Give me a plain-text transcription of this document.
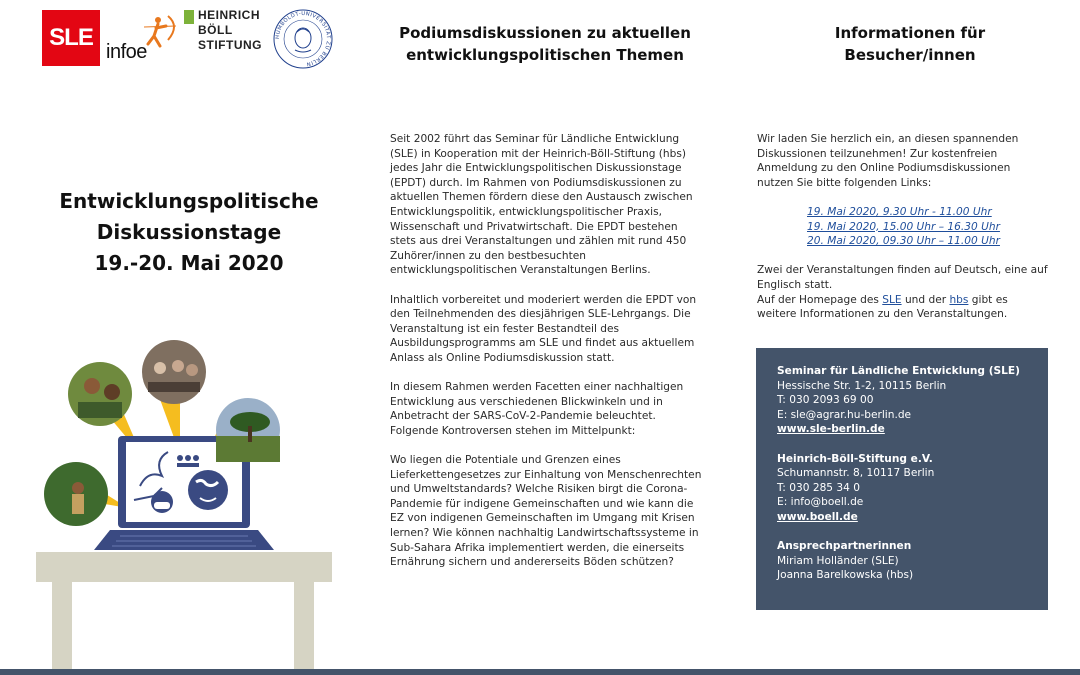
SLE
infoe
HEINRICH
BÖLL
STIFTUNG
HUMBOLDT-UNIVERSITÄT ZU BERLIN
Podiumsdiskussionen zu aktuellen
entwicklungspolitischen Themen
Informationen für
Besucher/innen
Entwicklungspolitische
Diskussionstage
19.-20. Mai 2020

Seit 2002 führt das Seminar für Ländliche Entwicklung (SLE) in Kooperation mit der Heinrich-Böll-Stiftung (hbs) jedes Jahr die Entwicklungspolitischen Diskussionstage (EPDT) durch. Im Rahmen von Podiumsdiskussionen zu aktuellen Themen fördern diese den Austausch zwischen Entwicklungspolitik, entwicklungspolitischer Praxis, Wissenschaft und Privatwirtschaft. Die EPDT bestehen stets aus drei Veranstaltungen und zählen mit rund 450 Zuhörer/innen zu den bestbesuchten entwicklungspolitischen Veranstaltungen Berlins.

Inhaltlich vorbereitet und moderiert werden die EPDT von den Teilnehmenden des diesjährigen SLE-Lehrgangs. Die Veranstaltung ist ein fester Bestandteil des Ausbildungsprogramms am SLE und findet aus aktuellem Anlass als Online Podiumsdiskussion statt.

In diesem Rahmen werden Facetten einer nachhaltigen Entwicklung aus verschiedenen Blickwinkeln und in Anbetracht der SARS-CoV-2-Pandemie beleuchtet. Folgende Kontroversen stehen im Mittelpunkt:

Wo liegen die Potentiale und Grenzen eines Lieferkettengesetzes zur Einhaltung von Menschenrechten und Umweltstandards? Welche Risiken birgt die Corona-Pandemie für indigene Gemeinschaften und wie kann die EZ von indigenen Gemeinschaften im Umgang mit Krisen lernen? Wie können nachhaltig Landwirtschaftssysteme in Sub-Sahara Afrika implementiert werden, die einerseits Ernährung sichern und andererseits Böden schützen?

Wir laden Sie herzlich ein, an diesen spannenden Diskussionen teilzunehmen! Zur kostenfreien Anmeldung zu den Online Podiumsdiskussionen nutzen Sie bitte folgenden Links:

19. Mai 2020, 9.30 Uhr - 11.00 Uhr
19. Mai 2020, 15.00 Uhr – 16.30 Uhr
20. Mai 2020, 09.30 Uhr – 11.00 Uhr

Zwei der Veranstaltungen finden auf Deutsch, eine auf Englisch statt.

Auf der Homepage des SLE und der hbs gibt es weitere Informationen zu den Veranstaltungen.

Seminar für Ländliche Entwicklung (SLE)
Hessische Str. 1-2, 10115 Berlin
T: 030 2093 69 00
E: sle@agrar.hu-berlin.de
www.sle-berlin.de
Heinrich-Böll-Stiftung e.V.
Schumannstr. 8, 10117 Berlin
T: 030 285 34 0
E: info@boell.de
www.boell.de
Ansprechpartnerinnen
Miriam Holländer (SLE)
Joanna Barelkowska (hbs)
